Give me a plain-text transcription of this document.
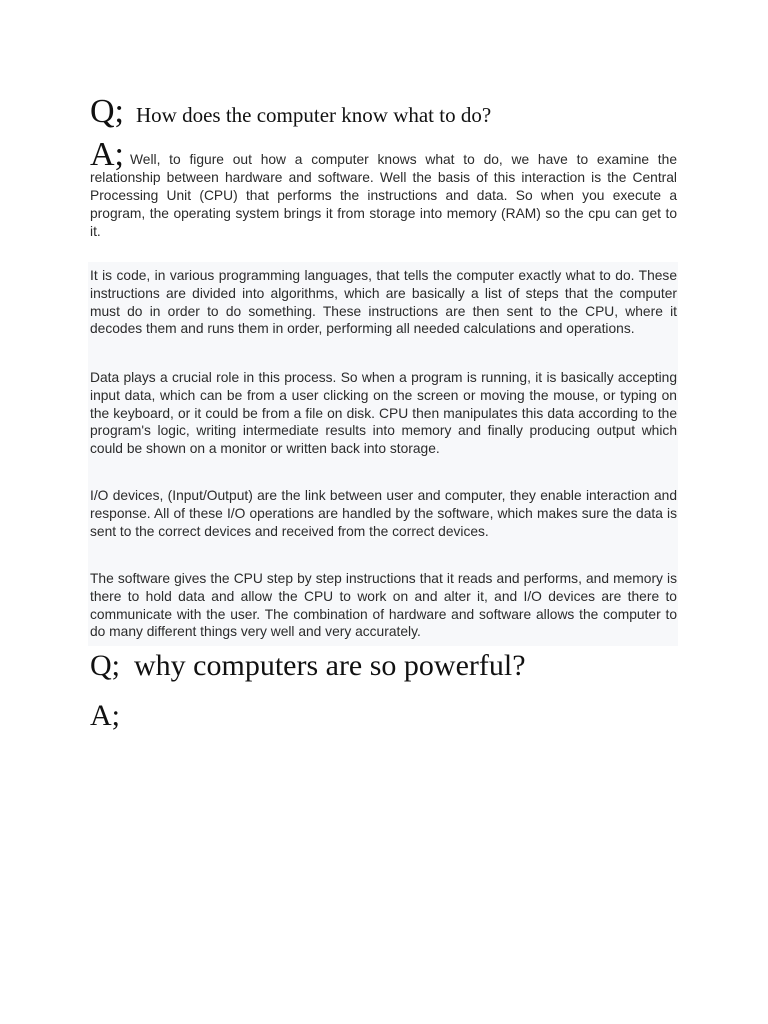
Q; How does the computer know what to do?
A; Well, to figure out how a computer knows what to do, we have to examine the relationship between hardware and software. Well the basis of this interaction is the Central Processing Unit (CPU) that performs the instructions and data. So when you execute a program, the operating system brings it from storage into memory (RAM) so the cpu can get to it.

It is code, in various programming languages, that tells the computer exactly what to do. These instructions are divided into algorithms, which are basically a list of steps that the computer must do in order to do something. These instructions are then sent to the CPU, where it decodes them and runs them in order, performing all needed calculations and operations.

Data plays a crucial role in this process. So when a program is running, it is basically accepting input data, which can be from a user clicking on the screen or moving the mouse, or typing on the keyboard, or it could be from a file on disk. CPU then manipulates this data according to the program's logic, writing intermediate results into memory and finally producing output which could be shown on a monitor or written back into storage.

I/O devices, (Input/Output) are the link between user and computer, they enable interaction and response. All of these I/O operations are handled by the software, which makes sure the data is sent to the correct devices and received from the correct devices.

The software gives the CPU step by step instructions that it reads and performs, and memory is there to hold data and allow the CPU to work on and alter it, and I/O devices are there to communicate with the user. The combination of hardware and software allows the computer to do many different things very well and very accurately.

Q; why computers are so powerful?
A;
